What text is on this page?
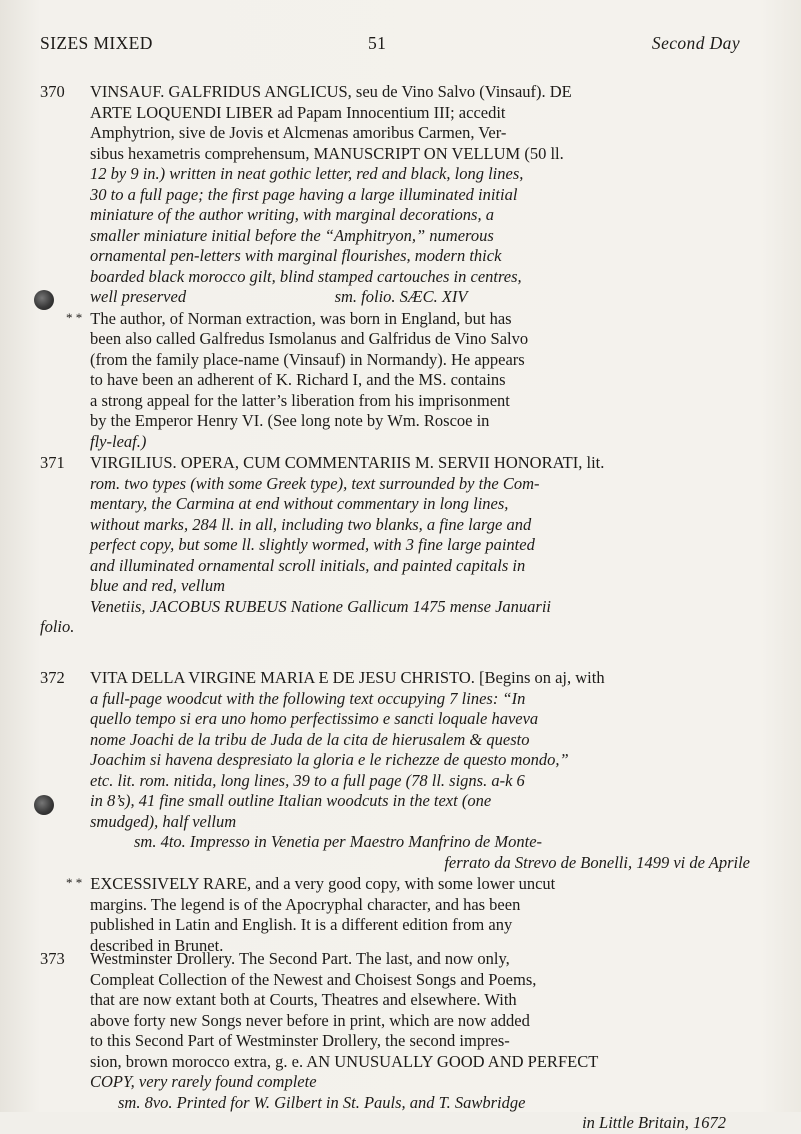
SIZES MIXED	51	Second Day
370	VINSAUF. GALFRIDUS ANGLICUS, seu de Vino Salvo (Vinsauf). DE

ARTE LOQUENDI LIBER ad Papam Innocentium III; accedit

Amphytrion, sive de Jovis et Alcmenas amoribus Carmen, Ver-

sibus hexametris comprehensum, MANUSCRIPT ON VELLUM (50 ll.

12 by 9 in.) written in neat gothic letter, red and black, long lines,

30 to a full page; the first page having a large illuminated initial

miniature of the author writing, with marginal decorations, a

smaller miniature initial before the “Amphitryon,” numerous

ornamental pen-letters with marginal flourishes, modern thick

boarded black morocco gilt, blind stamped cartouches in centres,

well preserved                                    sm. folio. SÆC. XIV

* * The author, of Norman extraction, was born in England, but has

been also called Galfredus Ismolanus and Galfridus de Vino Salvo

(from the family place-name (Vinsauf) in Normandy). He appears

to have been an adherent of K. Richard I, and the MS. contains

a strong appeal for the latter’s liberation from his imprisonment

by the Emperor Henry VI. (See long note by Wm. Roscoe in

fly-leaf.)

371	VIRGILIUS. OPERA, CUM COMMENTARIIS M. SERVII HONORATI, lit.

rom. two types (with some Greek type), text surrounded by the Com-

mentary, the Carmina at end without commentary in long lines,

without marks, 284 ll. in all, including two blanks, a fine large and

perfect copy, but some ll. slightly wormed, with 3 fine large painted

and illuminated ornamental scroll initials, and painted capitals in

blue and red, vellum

Venetiis, JACOBUS RUBEUS Natione Gallicum 1475 mense Januarii

folio.
372	VITA DELLA VIRGINE MARIA E DE JESU CHRISTO. [Begins on aj, with

a full-page woodcut with the following text occupying 7 lines: “In

quello tempo si era uno homo perfectissimo e sancti loquale haveva

nome Joachi de la tribu de Juda de la cita de hierusalem & questo

Joachim si havena despresiato la gloria e le richezze de questo mondo,”

etc. lit. rom. nitida, long lines, 39 to a full page (78 ll. signs. a-k 6

in 8’s), 41 fine small outline Italian woodcuts in the text (one

smudged), half vellum

sm. 4to. Impresso in Venetia per Maestro Manfrino de Monte-

ferrato da Strevo de Bonelli, 1499 vi de Aprile

* * EXCESSIVELY RARE, and a very good copy, with some lower uncut

margins. The legend is of the Apocryphal character, and has been

published in Latin and English. It is a different edition from any

described in Brunet.

373	Westminster Drollery. The Second Part. The last, and now only,

Compleat Collection of the Newest and Choisest Songs and Poems,

that are now extant both at Courts, Theatres and elsewhere. With

above forty new Songs never before in print, which are now added

to this Second Part of Westminster Drollery, the second impres-

sion, brown morocco extra, g. e. AN UNUSUALLY GOOD AND PERFECT

COPY, very rarely found complete

sm. 8vo. Printed for W. Gilbert in St. Pauls, and T. Sawbridge

in Little Britain, 1672
